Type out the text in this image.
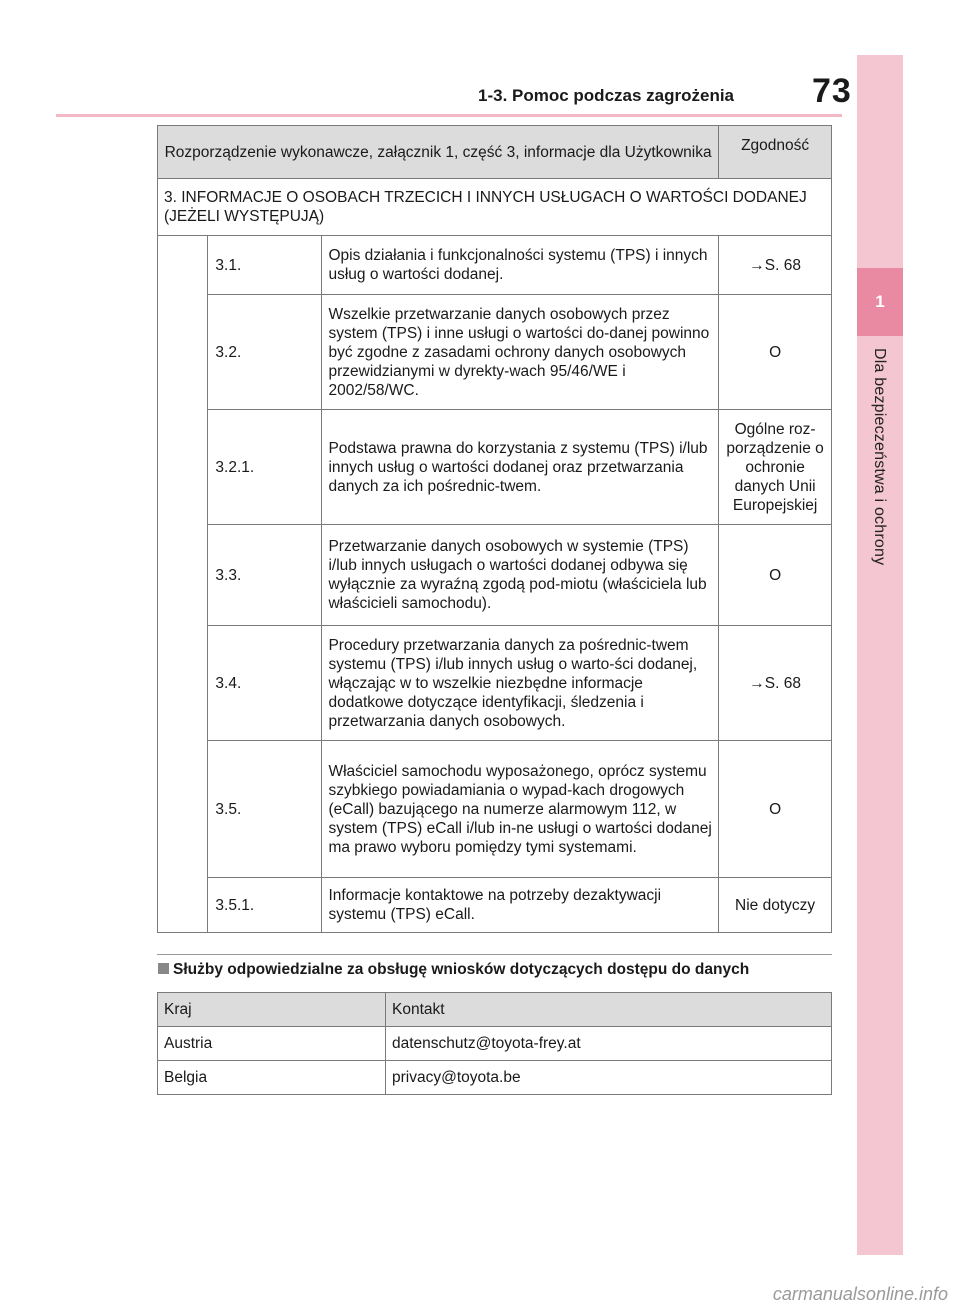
1-3. Pomoc podczas zagrożenia 73
1
Dla bezpieczeństwa i ochrony
Rozporządzenie wykonawcze, załącznik 1, część 3, informacje dla Użytkownika			Zgodność
3. INFORMACJE O OSOBACH TRZECICH I INNYCH USŁUGACH O WARTOŚCI DODANEJ (JEŻELI WYSTĘPUJĄ)			
	3.1.	Opis działania i funkcjonalności systemu (TPS) i innych usług o wartości dodanej.	→S. 68
	3.2.	Wszelkie przetwarzanie danych osobowych przez system (TPS) i inne usługi o wartości do-danej powinno być zgodne z zasadami ochrony danych osobowych przewidzianymi w dyrekty-wach 95/46/WE i 2002/58/WC.	O
	3.2.1.	Podstawa prawna do korzystania z systemu (TPS) i/lub innych usług o wartości dodanej oraz przetwarzania danych za ich pośrednic-twem.	Ogólne roz-porządzenie o ochronie danych Unii Europejskiej
	3.3.	Przetwarzanie danych osobowych w systemie (TPS) i/lub innych usługach o wartości dodanej odbywa się wyłącznie za wyraźną zgodą pod-miotu (właściciela lub właścicieli samochodu).	O
	3.4.	Procedury przetwarzania danych za pośrednic-twem systemu (TPS) i/lub innych usług o warto-ści dodanej, włączając w to wszelkie niezbędne informacje dodatkowe dotyczące identyfikacji, śledzenia i przetwarzania danych osobowych.	→S. 68
	3.5.	Właściciel samochodu wyposażonego, oprócz systemu szybkiego powiadamiania o wypad-kach drogowych (eCall) bazującego na numerze alarmowym 112, w system (TPS) eCall i/lub in-ne usługi o wartości dodanej ma prawo wyboru pomiędzy tymi systemami.	O
	3.5.1.	Informacje kontaktowe na potrzeby dezaktywacji systemu (TPS) eCall.	Nie dotyczy
Służby odpowiedzialne za obsługę wniosków dotyczących dostępu do danych
Kraj	Kontakt
Austria	datenschutz@toyota-frey.at
Belgia	privacy@toyota.be
carmanualsonline.info
